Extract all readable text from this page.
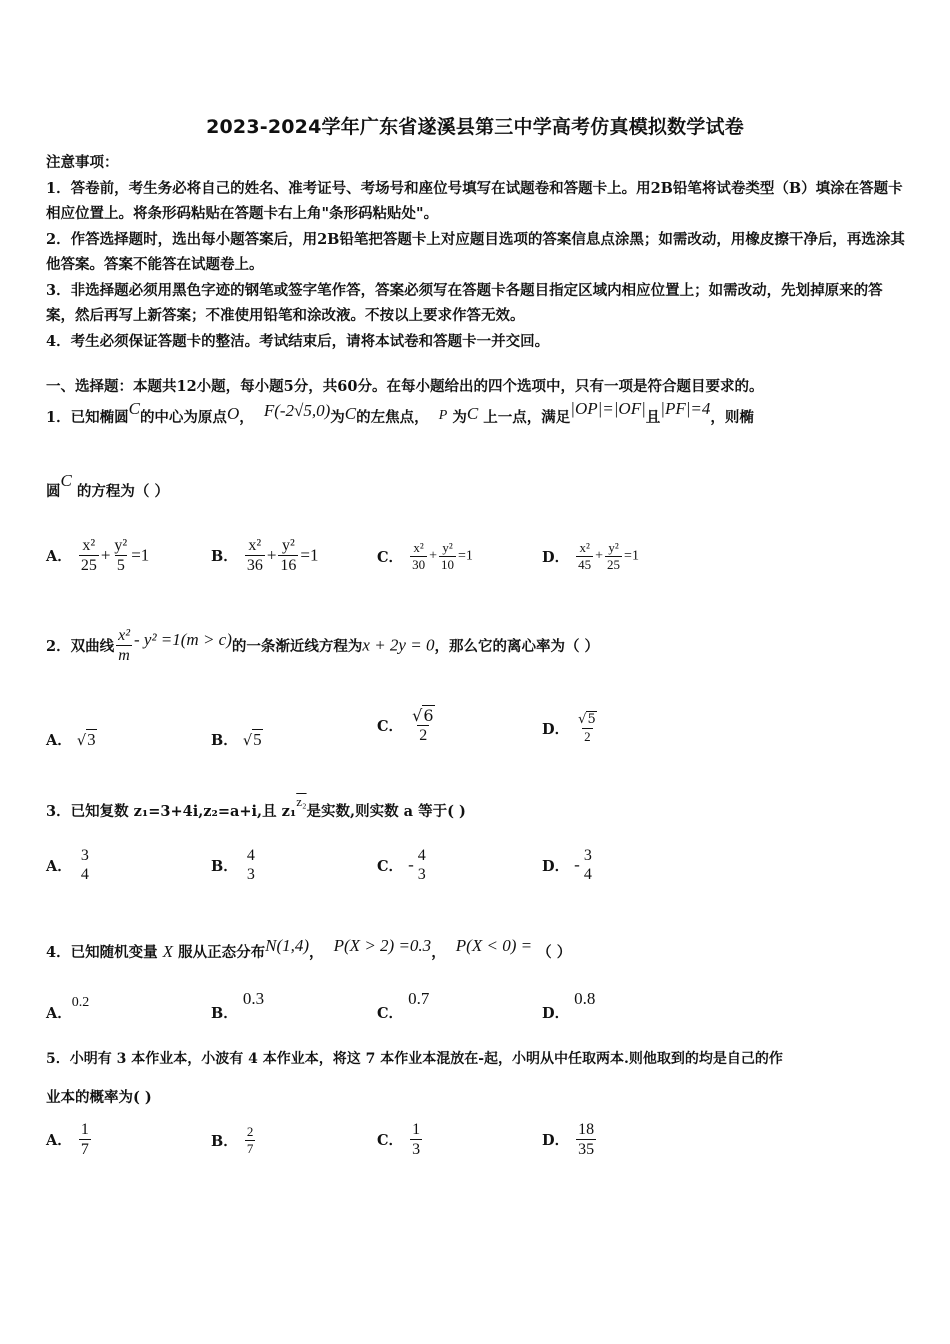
2023-2024学年广东省遂溪县第三中学高考仿真模拟数学试卷

注意事项：

1．答卷前，考生务必将自己的姓名、准考证号、考场号和座位号填写在试题卷和答题卡上。用2B铅笔将试卷类型（B）填涂在答题卡相应位置上。将条形码粘贴在答题卡右上角"条形码粘贴处"。

2．作答选择题时，选出每小题答案后，用2B铅笔把答题卡上对应题目选项的答案信息点涂黑；如需改动，用橡皮擦干净后，再选涂其他答案。答案不能答在试题卷上。

3．非选择题必须用黑色字迹的钢笔或签字笔作答，答案必须写在答题卡各题目指定区域内相应位置上；如需改动，先划掉原来的答案，然后再写上新答案；不准使用铅笔和涂改液。不按以上要求作答无效。

4．考生必须保证答题卡的整洁。考试结束后，请将本试卷和答题卡一并交回。

一、选择题：本题共12小题，每小题5分，共60分。在每小题给出的四个选项中，只有一项是符合题目要求的。
1．已知椭圆C的中心为原点O， F(-2√5,0)为C的左焦点， P 为C 上一点，满足|OP|=|OF|且|PF|=4，则椭
圆C 的方程为（ ）
A． $\frac{\text{x²}}{25} + \frac{\text{y²}}{5} =1$	B． $\frac{\text{x²}}{36} + \frac{\text{y²}}{16} =1$	C． $\frac{\text{x²}}{30} + \frac{\text{y²}}{10} =1$	D． $\frac{\text{x²}}{45} + \frac{\text{y²}}{25} =1$
2．双曲线 $\frac{\text{x²}}{m} - y^2 =1(m > c)$的一条渐近线方程为x + 2y = 0，那么它的离心率为（ ）
A． √3	B． √5
C． $\frac{√6}{2}$	D． $\frac{√5}{2}$
3．已知复数 z₁=3+4i,z₂=a+i,且 z₁z₂是实数,则实数 a 等于( )
A．
3
4	B．
4
3	C． - 4
3	D． - 3
4
4．已知随机变量 X 服从正态分布N(1,4)， P(X > 2) =0.3， P(X < 0) = （ ）
A．0.2
B． 0.3
C． 0.7
D． 0.8
5．小明有 3 本作业本，小波有 4 本作业本，将这 7 本作业本混放在-起，小明从中任取两本.则他取到的均是自己的作
业本的概率为( )
A． $\frac{1}{7}$	B． $\frac{2}{7}$	C． $\frac{1}{3}$	D． $\frac{18}{35}$
